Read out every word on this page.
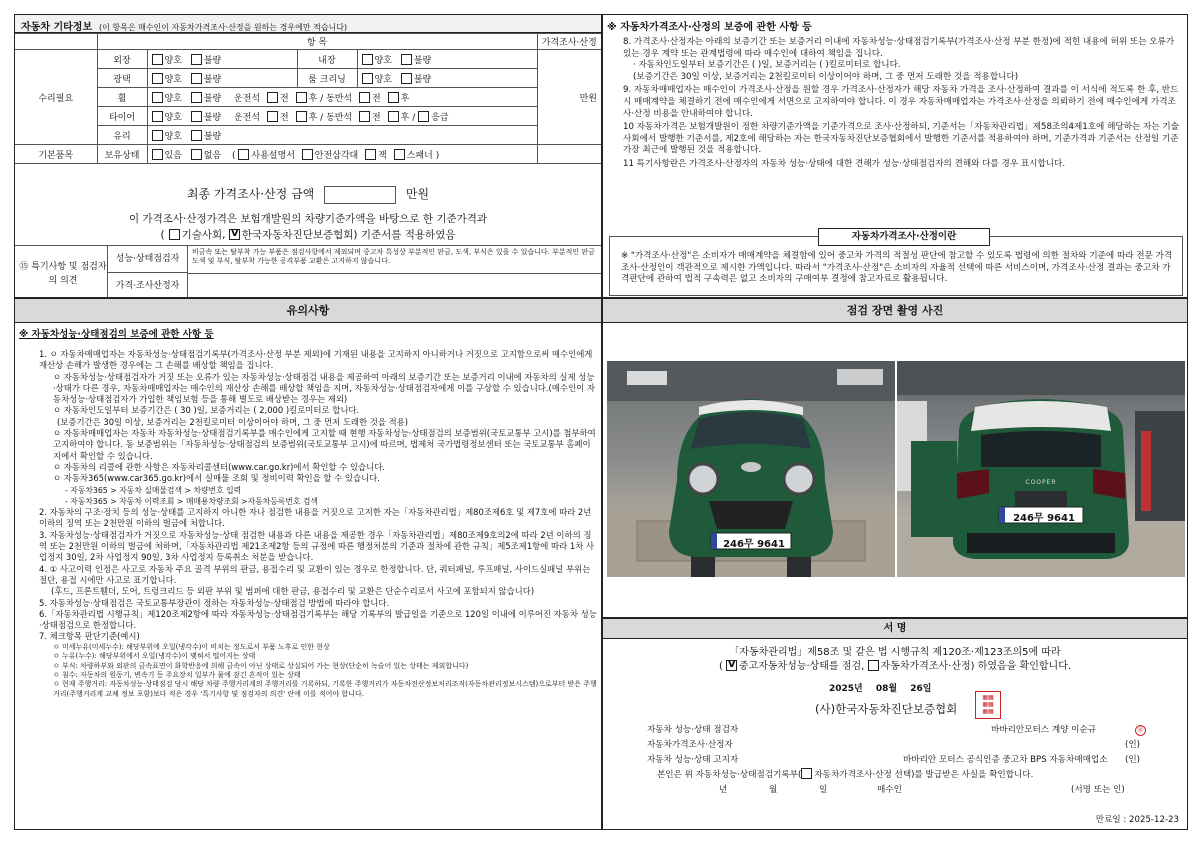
자동차 기타정보 (이 항목은 매수인이 자동차가격조사·산정을 원하는 경우에만 적습니다)
	항 목				가격조사·산정
수리필요	외장	양호 불량	내장	양호 불량	만원
	광택	양호 불량	룸 크리닝	양호 불량	
	휠	양호 불량 운전석 전 후 / 동반석 전 후			
	타이어	양호 불량 운전석 전 후 / 동반석 전 후 / 응급			
	유리	양호 불량			
기본품목	보유상태	있음 없음 ( 사용설명서 안전삼각대 잭 스패너 )			
최종 가격조사·산정 금액	만원
이 가격조사·산정가격은 보험개발원의 차량기준가액을 바탕으로 한 기준가격과
( 기술사회, V 한국자동차진단보증협회) 기준서를 적용하였음
⑮ 특기사항 및 점검자의 의견
성능·상태점검자
비금속 또는 탈부착 가능 부품은 점검사항에서 제외되며 중고차 특성상 부분적인 판금, 도색, 부식은 있을 수 있습니다. 부분적인 판금 도색 및 부식, 탈부착 가능한 공격부품 교환은 고지하지 않습니다.
가격·조사산정자
※ 자동차가격조사·산정의 보증에 관한 사항 등
8. 가격조사·산정자는 아래의 보증기간 또는 보증거리 이내에 자동차성능·상태점검기록부(가격조사·산정 부분 한정)에 적힌 내용에 허위 또는 오류가 있는 경우 계약 또는 관계법령에 따라 매수인에 대하여 책임을 집니다.
· 자동차인도일부터 보증기간은 ( )일, 보증거리는 ( )킬로미터로 합니다.
(보증기간은 30일 이상, 보증거리는 2천킬로미터 이상이어야 하며, 그 중 먼저 도래한 것을 적용합니다)
9. 자동차매매업자는 매수인이 가격조사·산정을 원할 경우 가격조사·산정자가 해당 자동차 가격을 조사·산정하여 결과를 이 서식에 적도록 한 후, 반드시 매매계약을 체결하기 전에 매수인에게 서면으로 고지하여야 합니다. 이 경우 자동차매매업자는 가격조사·산정을 의뢰하기 전에 매수인에게 가격조사·산정 비용을 안내하여야 합니다.
10 자동차가격은 보험개발원이 정한 차량기준가액을 기준가격으로 조사·산정하되, 기준서는「자동차관리법」제58조의4제1호에 해당하는 자는 기술사회에서 발행한 기준서를, 제2호에 해당하는 자는 한국자동차진단보증협회에서 발행한 기준서를 적용하여야 하며, 기준가격과 기준서는 산정일 기준 가장 최근에 발행된 것을 적용합니다.
11 특기사항란은 가격조사·산정자의 자동차 성능·상태에 대한 견해가 성능·상태점검자의 견해와 다를 경우 표시합니다.
자동차가격조사·산정이란
※ "가격조사·산정"은 소비자가 매매계약을 체결함에 있어 중고차 가격의 적절성 판단에 참고할 수 있도록 법령에 의한 절차와 기준에 따라 전문 가격조사·산정인이 객관적으로 제시한 가액입니다. 따라서 "가격조사·산정"은 소비자의 자율적 선택에 따른 서비스이며, 가격조사·산정 결과는 중고차 가격판단에 관하여 법적 구속력은 없고 소비자의 구매여부 결정에 참고자료로 활용됩니다.
유의사항
※ 자동차성능·상태점검의 보증에 관한 사항 등
1. ㅇ 자동차매매업자는 자동차성능·상태점검기록부(가격조사·산정 부분 제외)에 기재된 내용을 고지하지 아니하거나 거짓으로 고지함으로써 매수인에게 재산상 손해가 발생한 경우에는 그 손해를 배상할 책임을 집니다.
ㅇ 자동차성능·상태점검자가 거짓 또는 오류가 있는 자동차성능·상태점검 내용을 제공하여 아래의 보증기간 또는 보증거리 이내에 자동차의 실제 성능·상태가 다른 경우, 자동차매매업자는 매수인의 재산상 손해를 배상할 책임을 지며, 자동차성능·상태점검자에게 이를 구상할 수 있습니다.(매수인이 자동차성능·상태점검자가 가입한 책임보험 등을 통해 별도로 배상받는 경우는 제외)
ㅇ 자동차인도일부터 보증기간은 ( 30 )일, 보증거리는 ( 2,000 )킬로미터로 합니다.
(보증기간은 30일 이상, 보증거리는 2천킬로미터 이상이어야 하며, 그 중 먼저 도래한 것을 적용)
ㅇ 자동차매매업자는 자동차 자동차성능·상태점검기록부를 매수인에게 고지할 때 현행 자동차성능·상태점검의 보증범위(국토교통부 고시)를 첨부하여 고지하여야 합니다. 동 보증범위는「자동차성능·상태점검의 보증범위(국토교통부 고시)에 따르며, 법제처 국가법령정보센터 또는 국토교통부 홈페이지에서 확인할 수 있습니다.
ㅇ 자동차의 리콜에 관한 사항은 자동차리콜센터(www.car.go.kr)에서 확인할 수 있습니다.
ㅇ 자동차365(www.car365.go.kr)에서 실매물 조회 및 정비이력 확인을 할 수 있습니다.
- 자동차365 > 자동차 실매물검색 > 차량번호 입력
- 자동차365 > 자동차 이력조회 > 매매용차량조회 >자동차등록번호 검색
2. 자동차의 구조·장치 등의 성능·상태를 고지하지 아니한 자나 점검한 내용을 거짓으로 고지한 자는「자동차관리법」제80조제6호 및 제7호에 따라 2년 이하의 징역 또는 2천만원 이하의 벌금에 처합니다.
3. 자동차성능·상태점검자가 거짓으로 자동차성능·상태 점검한 내용과 다른 내용을 제공한 경우「자동차관리법」제80조제9호의2에 따라 2년 이하의 징역 또는 2천만원 이하의 벌금에 처하며,「자동차관리법 제21조제2항 등의 규정에 따른 행정처분의 기준과 절차에 관한 규칙」제5조제1항에 따라 1차 사업정지 30일, 2차 사업정지 90일, 3차 사업정지 등록취소 처분을 받습니다.
4. ① 사고이력 인정은 사고로 자동차 주요 골격 부위의 판금, 용접수리 및 교환이 있는 경우로 한정합니다. 단, 쿼터패널, 루프패널, 사이드실패널 부위는 절단, 용접 시에만 사고로 표기합니다.
(후드, 프론트휀더, 도어, 트렁크리드 등 외판 부위 및 범퍼에 대한 판금, 용접수리 및 교환은 단순수리로서 사고에 포함되지 않습니다)
5. 자동차성능·상태점검은 국토교통부장관이 정하는 자동차성능·상태점검 방법에 따라야 합니다.
6.「자동차관리법 시행규칙」제120조제2항에 따라 자동차성능·상태점검기록부는 해당 기록부의 발급일을 기준으로 120일 이내에 이루어진 자동차 성능·상태점검으로 한정합니다.
7. 체크항목 판단기준(예시)
ㅇ 미세누유(미세누수): 해당부위에 오일(냉각수)이 비치는 정도로서 부품 노후로 인한 현상
ㅇ 누유(누수): 해당부위에서 오일(냉각수)이 맺혀서 떨어지는 상태
ㅇ 부식: 차량하부와 외판의 금속표면이 화학반응에 의해 금속이 아닌 상태로 상실되어 가는 현상(단순히 녹슬어 있는 상태는 제외합니다)
ㅇ 침수: 자동차의 원동기, 변속기 등 주요장치 일부가 물에 잠긴 흔적이 있는 상태
ㅇ 현재 주행거리: 자동차성능·상태점검 당시 해당 차량 주행거리계의 주행거리를 기록하되, 기록한 주행거리가 자동차전산정보처리조직(자동차관리정보시스템)으로부터 받은 주행거리(주행거리계 교체 정보 포함)보다 적은 경우 '특기사항 및 점검자의 의견' 란에 이를 적어야 합니다.
점검 장면 촬영 사진
246무 9641
COOPER
246무 9641
서 명
「자동차관리법」제58조 및 같은 법 시행규칙 제120조·제123조의5에 따라
( V 중고자동차성능·상태를 점검, 자동차가격조사·산정) 하였음을 확인합니다.
2025년 08월 26일
(사)한국자동차진단보증협회
▦▦
▦▦
▦▦
자동차 성능·상태 점검자	바바리안모터스 계양 이순규	㊞
자동차가격조사·산정자	(인)
자동차 성능·상태 고지자	바바리안 모터스 공식인증 중고차 BPS 자동차매매업소 (인)
본인은 위 자동차성능·상태점검기록부( 자동차가격조사·산정 선택)를 발급받은 사실을 확인합니다.
년	월	일	매수인	(서명 또는 인)
만료일 : 2025-12-23
